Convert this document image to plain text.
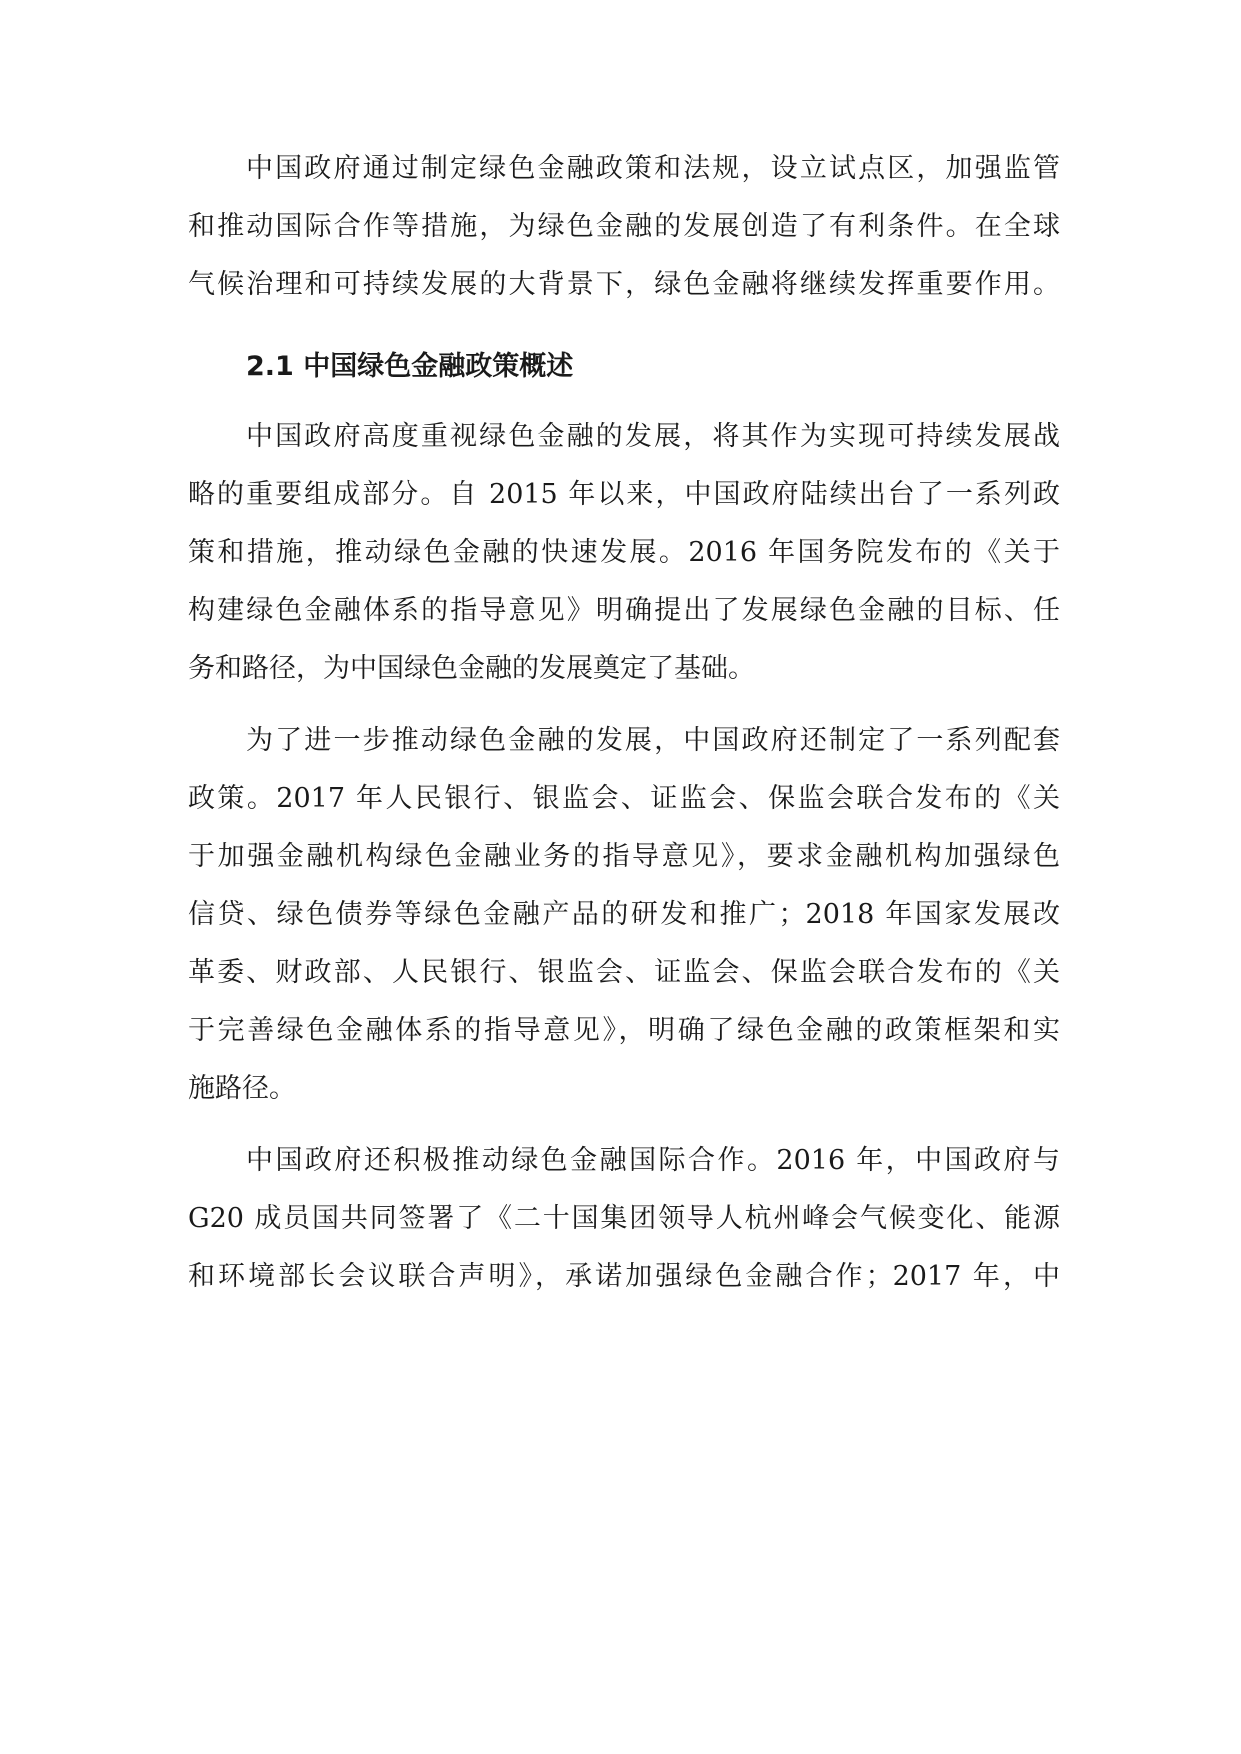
中国政府通过制定绿色金融政策和法规，设立试点区，加强监管
和推动国际合作等措施，为绿色金融的发展创造了有利条件。在全球
气候治理和可持续发展的大背景下，绿色金融将继续发挥重要作用。
2.1 中国绿色金融政策概述
中国政府高度重视绿色金融的发展，将其作为实现可持续发展战
略的重要组成部分。自 2015 年以来，中国政府陆续出台了一系列政
策和措施，推动绿色金融的快速发展。2016 年国务院发布的《关于
构建绿色金融体系的指导意见》明确提出了发展绿色金融的目标、任
务和路径，为中国绿色金融的发展奠定了基础。
为了进一步推动绿色金融的发展，中国政府还制定了一系列配套
政策。2017 年人民银行、银监会、证监会、保监会联合发布的《关
于加强金融机构绿色金融业务的指导意见》，要求金融机构加强绿色
信贷、绿色债券等绿色金融产品的研发和推广；2018 年国家发展改
革委、财政部、人民银行、银监会、证监会、保监会联合发布的《关
于完善绿色金融体系的指导意见》，明确了绿色金融的政策框架和实
施路径。
中国政府还积极推动绿色金融国际合作。2016 年，中国政府与
G20 成员国共同签署了《二十国集团领导人杭州峰会气候变化、能源
和环境部长会议联合声明》，承诺加强绿色金融合作；2017 年，中
